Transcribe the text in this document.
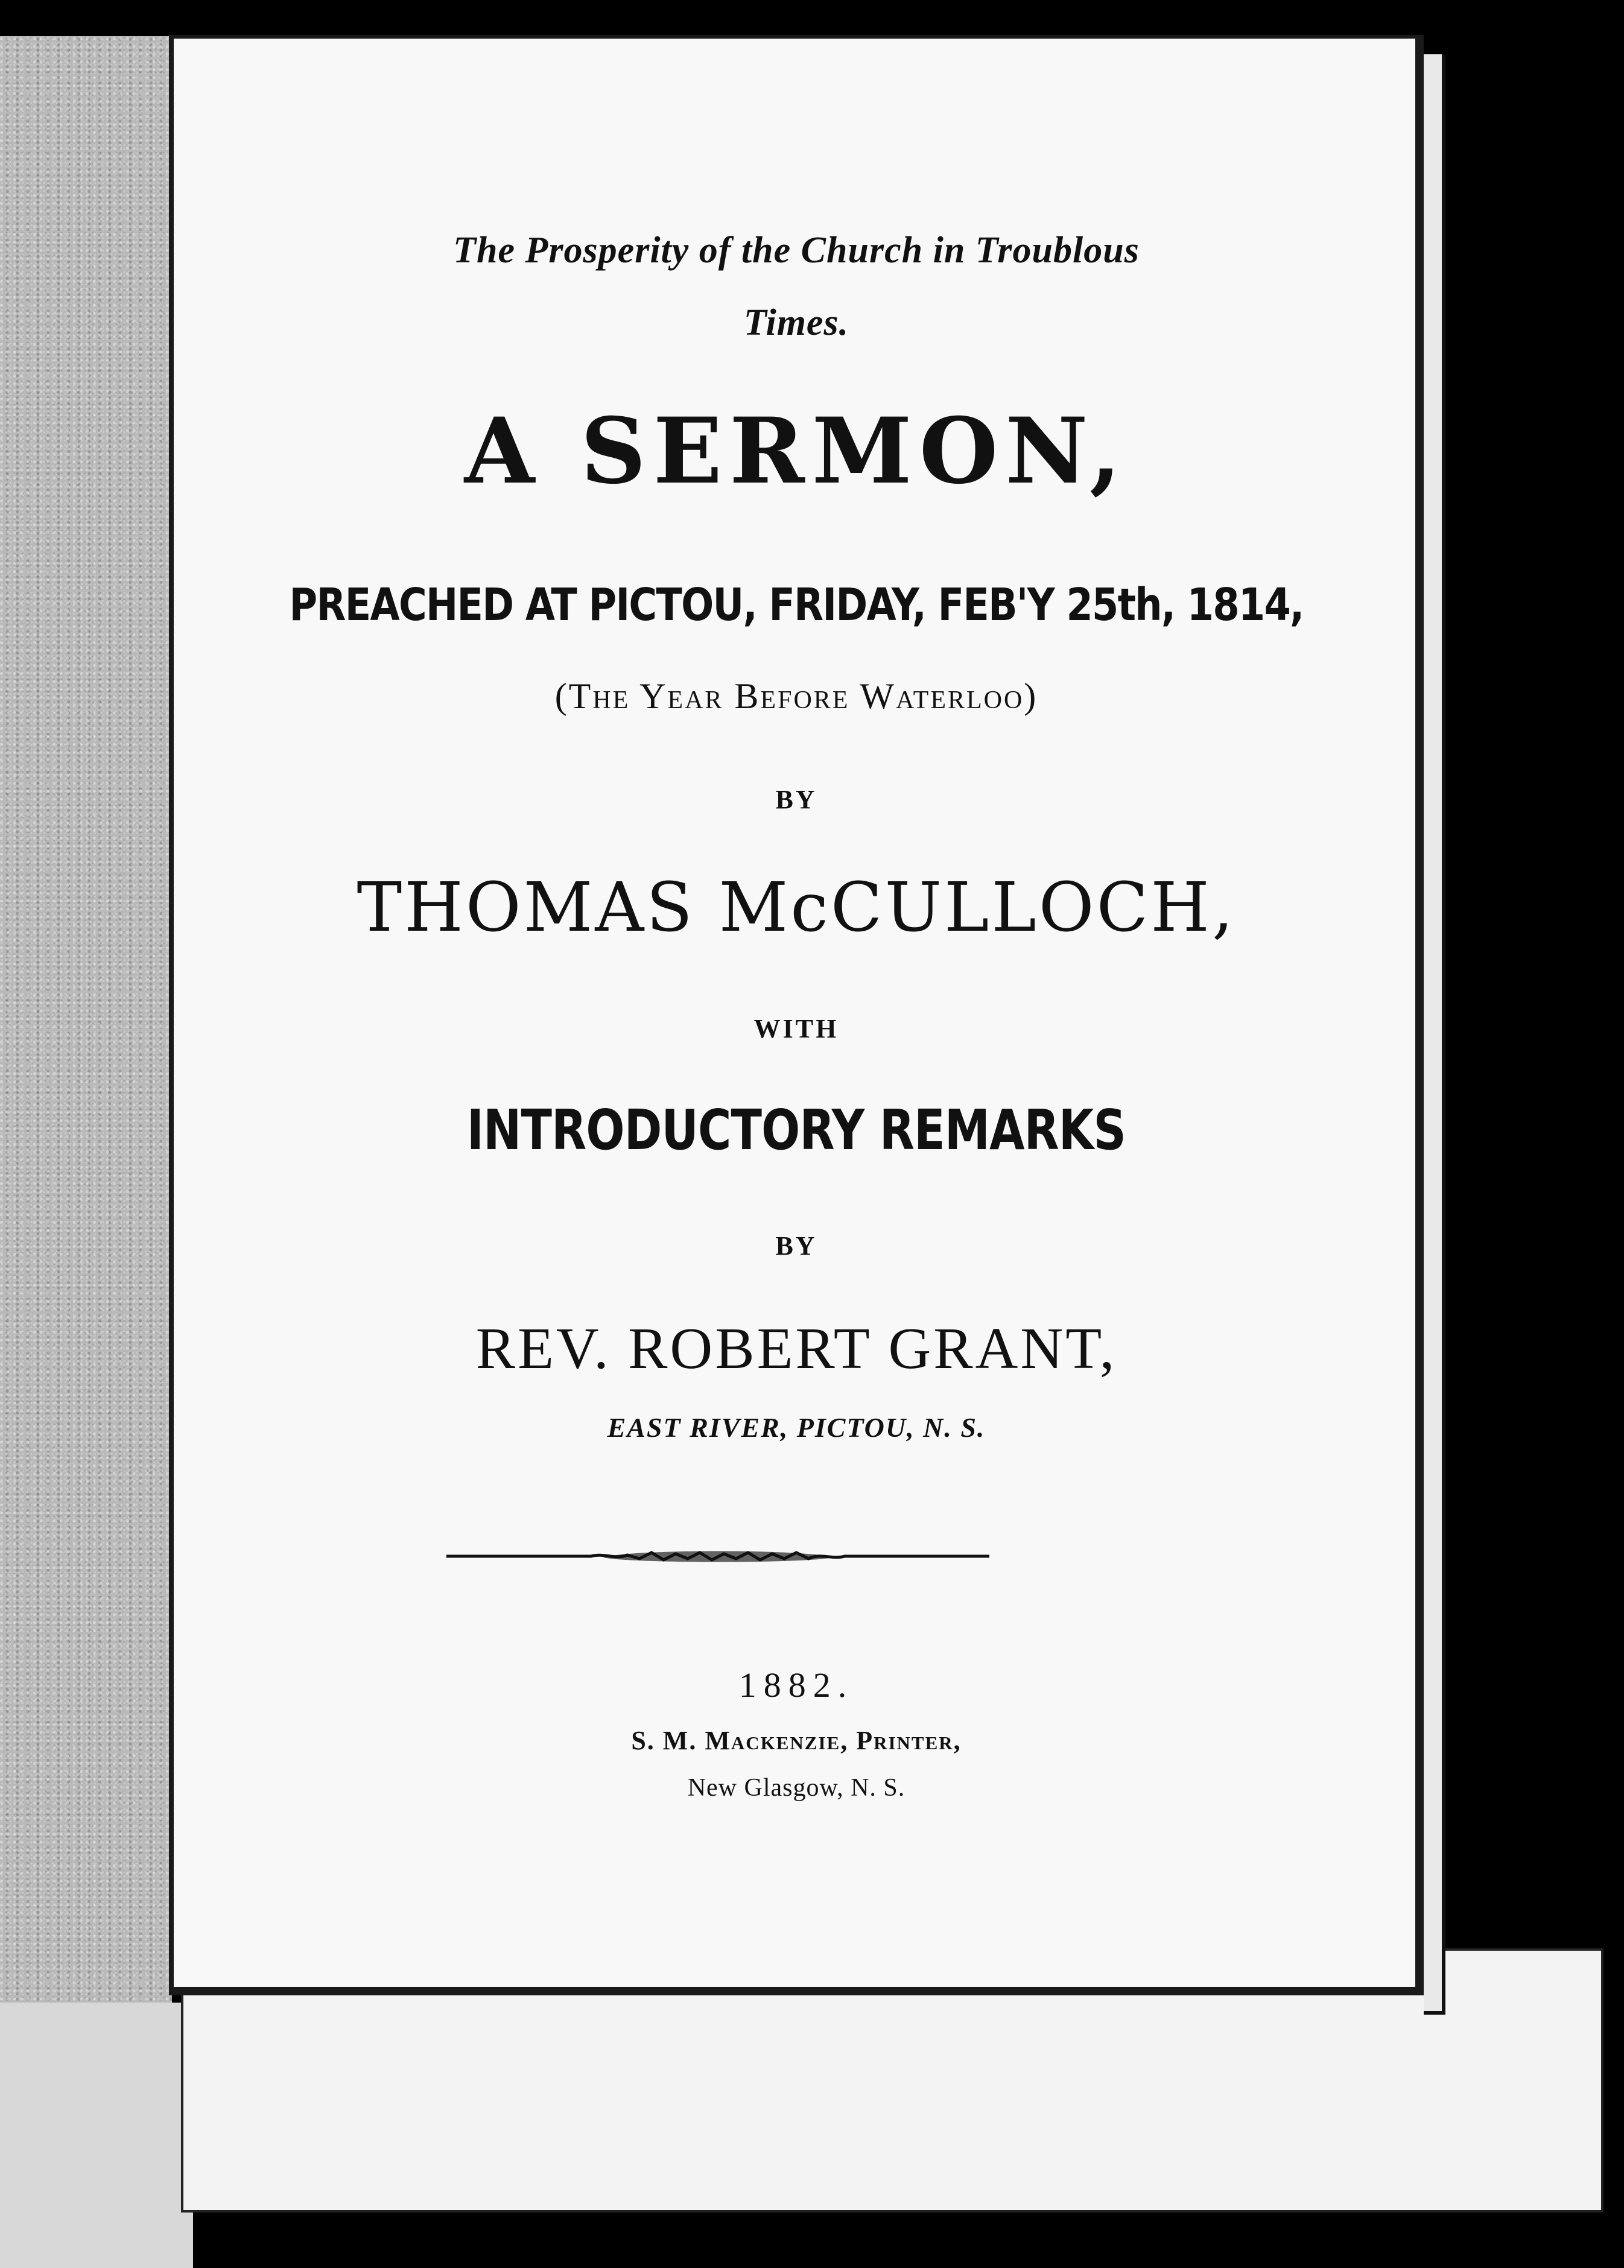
The Prosperity of the Church in Troublous
Times.
A SERMON,
PREACHED AT PICTOU, FRIDAY, FEB'Y 25th, 1814,
(The Year Before Waterloo)
BY
THOMAS McCULLOCH,
WITH
INTRODUCTORY REMARKS
BY
REV. ROBERT GRANT,
EAST RIVER, PICTOU, N. S.
1882.
S. M. Mackenzie, Printer,
New Glasgow, N. S.
